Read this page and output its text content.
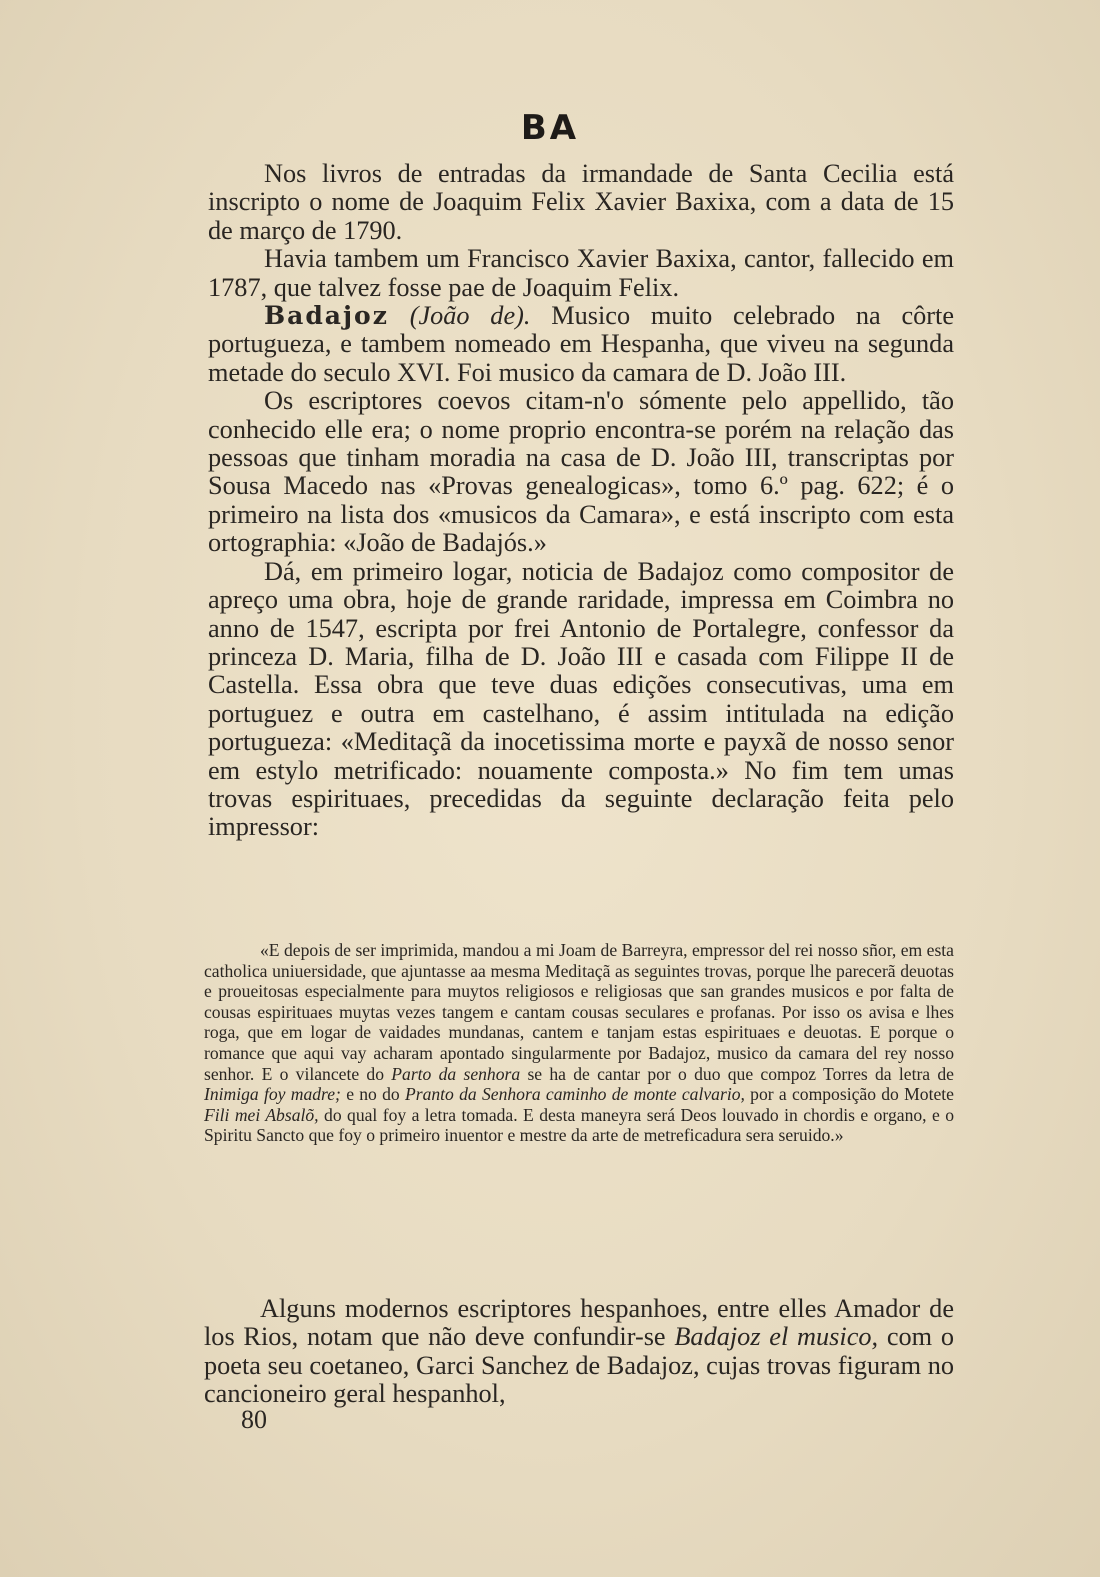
BA

Nos livros de entradas da irmandade de Santa Cecilia está inscripto o nome de Joaquim Felix Xavier Baxixa, com a data de 15 de março de 1790.

Havia tambem um Francisco Xavier Baxixa, cantor, fallecido em 1787, que talvez fosse pae de Joaquim Felix.

Badajoz (João de). Musico muito celebrado na côrte portugueza, e tambem nomeado em Hespanha, que viveu na segunda metade do seculo XVI. Foi musico da camara de D. João III.

Os escriptores coevos citam-n'o sómente pelo appellido, tão conhecido elle era; o nome proprio encontra-se porém na relação das pessoas que tinham moradia na casa de D. João III, transcriptas por Sousa Macedo nas «Provas genealogicas», tomo 6.º pag. 622; é o primeiro na lista dos «musicos da Camara», e está inscripto com esta ortographia: «João de Badajós.»

Dá, em primeiro logar, noticia de Badajoz como compositor de apreço uma obra, hoje de grande raridade, impressa em Coimbra no anno de 1547, escripta por frei Antonio de Portalegre, confessor da princeza D. Maria, filha de D. João III e casada com Filippe II de Castella. Essa obra que teve duas edições consecutivas, uma em portuguez e outra em castelhano, é assim intitulada na edição portugueza: «Meditaçã da inocetissima morte e payxã de nosso senor em estylo metrificado: nouamente composta.» No fim tem umas trovas espirituaes, precedidas da seguinte declaração feita pelo impressor:

«E depois de ser imprimida, mandou a mi Joam de Barreyra, empressor del rei nosso sñor, em esta catholica uniuersidade, que ajuntasse aa mesma Meditaçã as seguintes trovas, porque lhe parecerã deuotas e proueitosas especialmente para muytos religiosos e religiosas que san grandes musicos e por falta de cousas espirituaes muytas vezes tangem e cantam cousas seculares e profanas. Por isso os avisa e lhes roga, que em logar de vaidades mundanas, cantem e tanjam estas espirituaes e deuotas. E porque o romance que aqui vay acharam apontado singularmente por Badajoz, musico da camara del rey nosso senhor. E o vilancete do Parto da senhora se ha de cantar por o duo que compoz Torres da letra de Inimiga foy madre; e no do Pranto da Senhora caminho de monte calvario, por a composição do Motete Fili mei Absalõ, do qual foy a letra tomada. E desta maneyra será Deos louvado in chordis e organo, e o Spiritu Sancto que foy o primeiro inuentor e mestre da arte de metreficadura sera seruido.»

Alguns modernos escriptores hespanhoes, entre elles Amador de los Rios, notam que não deve confundir-se Badajoz el musico, com o poeta seu coetaneo, Garci Sanchez de Badajoz, cujas trovas figuram no cancioneiro geral hespanhol,

80
